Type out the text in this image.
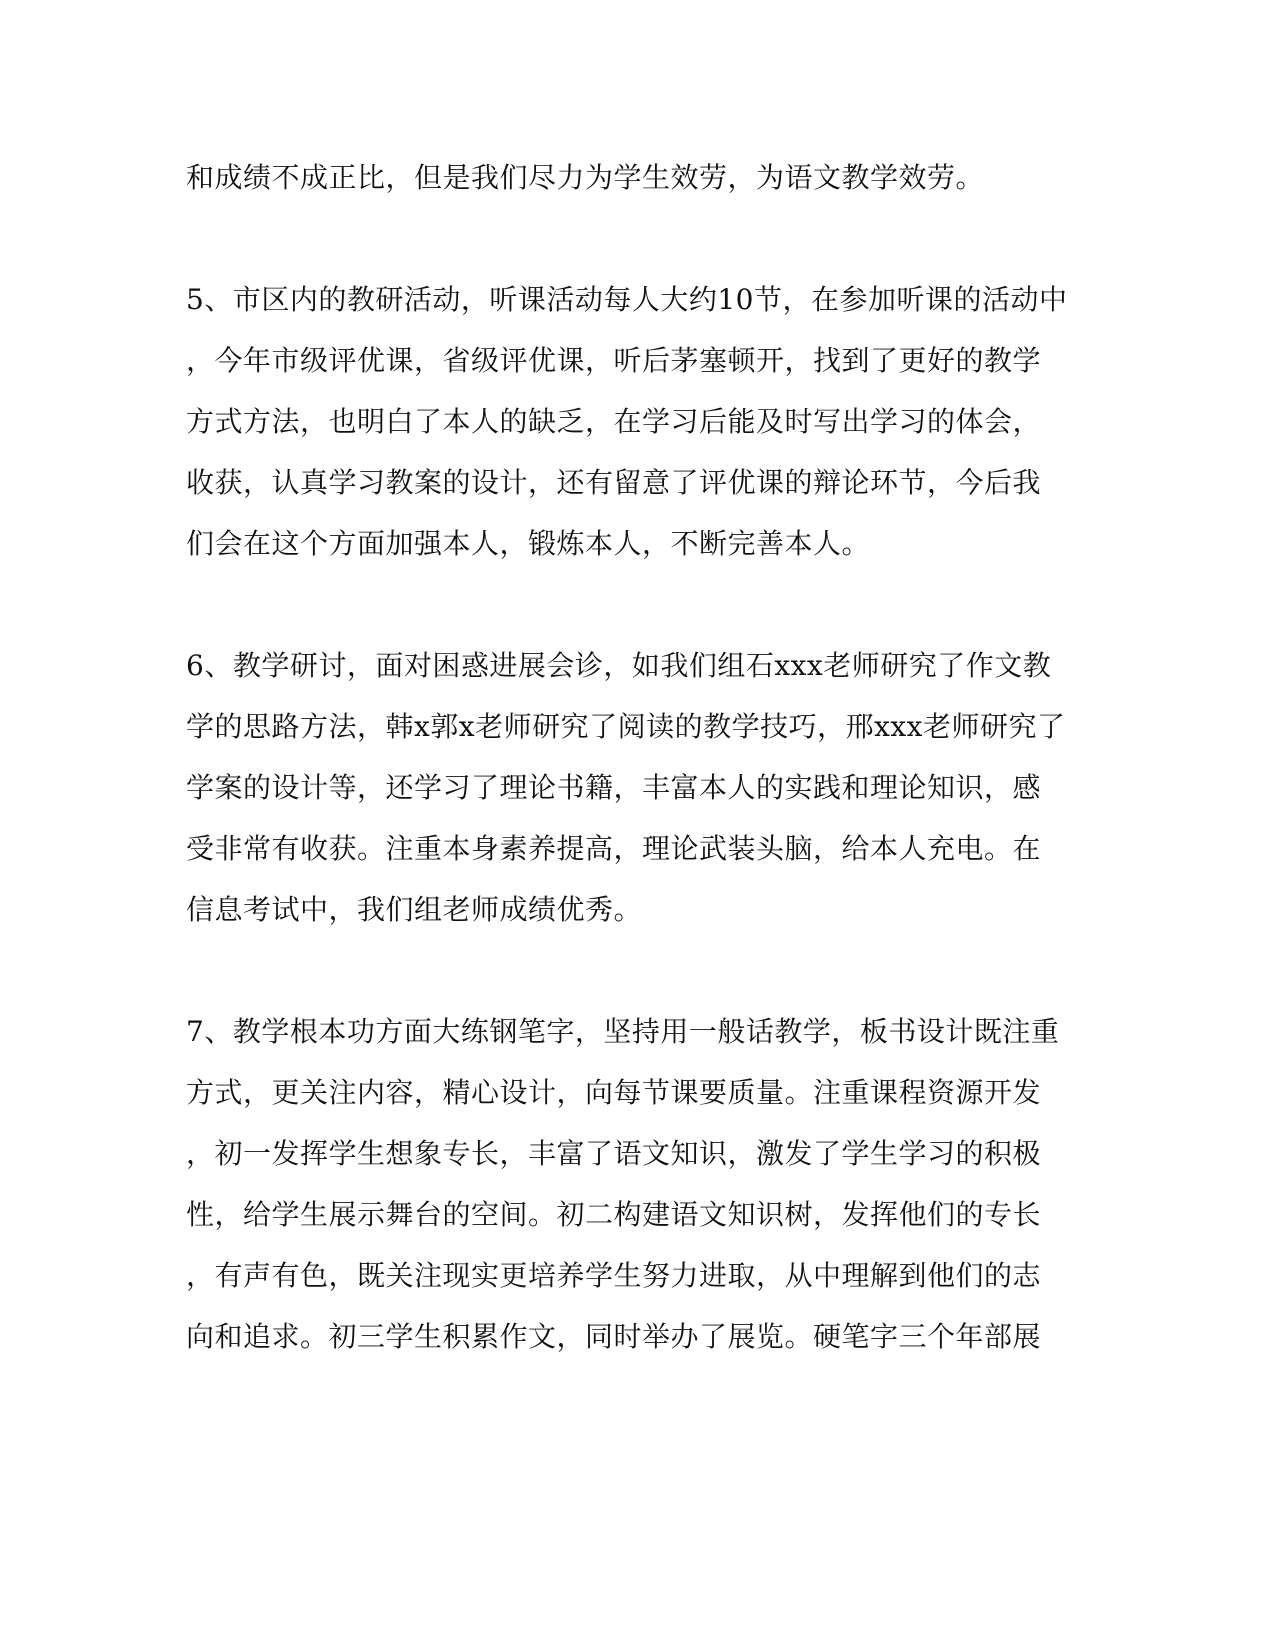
和成绩不成正比，但是我们尽力为学生效劳，为语文教学效劳。
5、市区内的教研活动，听课活动每人大约10节，在参加听课的活动中
，今年市级评优课，省级评优课，听后茅塞顿开，找到了更好的教学
方式方法，也明白了本人的缺乏，在学习后能及时写出学习的体会，
收获，认真学习教案的设计，还有留意了评优课的辩论环节，今后我
们会在这个方面加强本人，锻炼本人，不断完善本人。
6、教学研讨，面对困惑进展会诊，如我们组石xxx老师研究了作文教
学的思路方法，韩x郭x老师研究了阅读的教学技巧，邢xxx老师研究了
学案的设计等，还学习了理论书籍，丰富本人的实践和理论知识，感
受非常有收获。注重本身素养提高，理论武装头脑，给本人充电。在
信息考试中，我们组老师成绩优秀。
7、教学根本功方面大练钢笔字，坚持用一般话教学，板书设计既注重
方式，更关注内容，精心设计，向每节课要质量。注重课程资源开发
，初一发挥学生想象专长，丰富了语文知识，激发了学生学习的积极
性，给学生展示舞台的空间。初二构建语文知识树，发挥他们的专长
，有声有色，既关注现实更培养学生努力进取，从中理解到他们的志
向和追求。初三学生积累作文，同时举办了展览。硬笔字三个年部展
